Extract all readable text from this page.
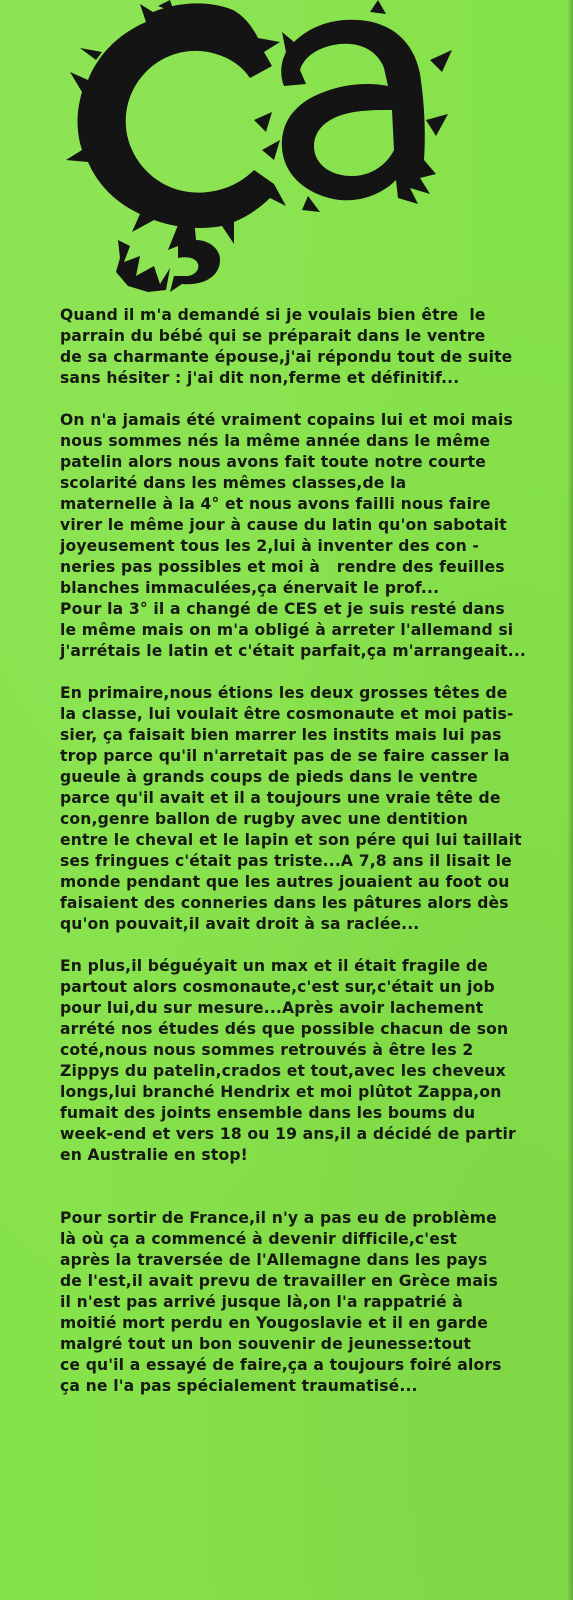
Quand il m'a demandé si je voulais bien être  le
parrain du bébé qui se préparait dans le ventre
de sa charmante épouse,j'ai répondu tout de suite
sans hésiter : j'ai dit non,ferme et définitif...
On n'a jamais été vraiment copains lui et moi mais
nous sommes nés la même année dans le même
patelin alors nous avons fait toute notre courte
scolarité dans les mêmes classes,de la
maternelle à la 4° et nous avons failli nous faire
virer le même jour à cause du latin qu'on sabotait
joyeusement tous les 2,lui à inventer des con -
neries pas possibles et moi à   rendre des feuilles
blanches immaculées,ça énervait le prof...
Pour la 3° il a changé de CES et je suis resté dans
le même mais on m'a obligé à arreter l'allemand si
j'arrétais le latin et c'était parfait,ça m'arrangeait...
En primaire,nous étions les deux grosses têtes de
la classe, lui voulait être cosmonaute et moi patis-
sier, ça faisait bien marrer les instits mais lui pas
trop parce qu'il n'arretait pas de se faire casser la
gueule à grands coups de pieds dans le ventre
parce qu'il avait et il a toujours une vraie tête de
con,genre ballon de rugby avec une dentition
entre le cheval et le lapin et son pére qui lui taillait
ses fringues c'était pas triste...A 7,8 ans il lisait le
monde pendant que les autres jouaient au foot ou
faisaient des conneries dans les pâtures alors dès
qu'on pouvait,il avait droit à sa raclée...
En plus,il béguéyait un max et il était fragile de
partout alors cosmonaute,c'est sur,c'était un job
pour lui,du sur mesure...Après avoir lachement
arrété nos études dés que possible chacun de son
coté,nous nous sommes retrouvés à être les 2
Zippys du patelin,crados et tout,avec les cheveux
longs,lui branché Hendrix et moi plûtot Zappa,on
fumait des joints ensemble dans les boums du
week-end et vers 18 ou 19 ans,il a décidé de partir
en Australie en stop!
Pour sortir de France,il n'y a pas eu de problème
là où ça a commencé à devenir difficile,c'est
après la traversée de l'Allemagne dans les pays
de l'est,il avait prevu de travailler en Grèce mais
il n'est pas arrivé jusque là,on l'a rappatrié à
moitié mort perdu en Yougoslavie et il en garde
malgré tout un bon souvenir de jeunesse:tout
ce qu'il a essayé de faire,ça a toujours foiré alors
ça ne l'a pas spécialement traumatisé...
